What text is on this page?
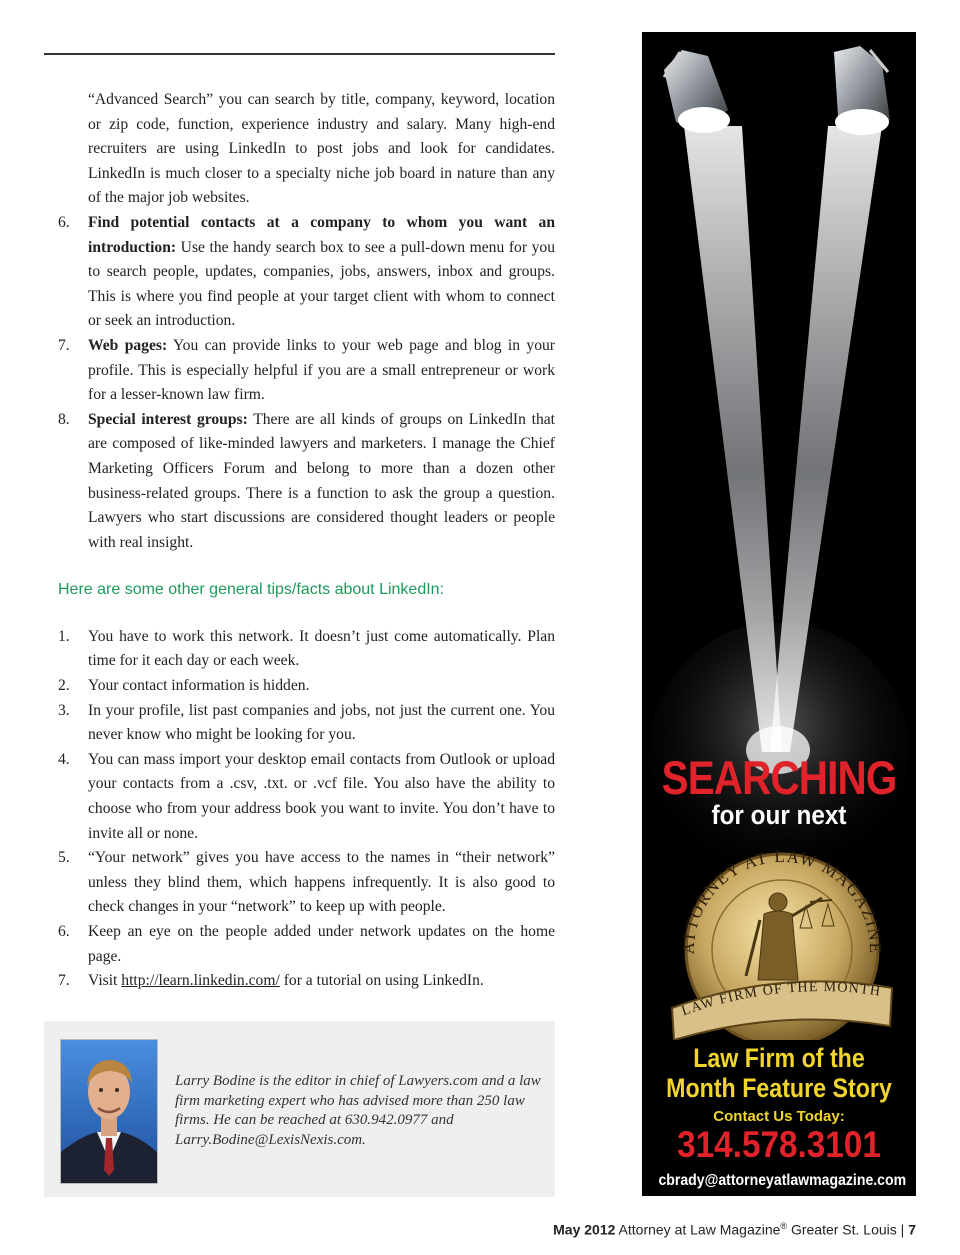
“Advanced Search” you can search by title, company, keyword, location or zip code, function, experience industry and salary. Many high-end recruiters are using LinkedIn to post jobs and look for candidates. LinkedIn is much closer to a specialty niche job board in nature than any of the major job websites.

6. Find potential contacts at a company to whom you want an introduction: Use the handy search box to see a pull-down menu for you to search people, updates, companies, jobs, answers, inbox and groups. This is where you find people at your target client with whom to connect or seek an introduction.

7. Web pages: You can provide links to your web page and blog in your profile. This is especially helpful if you are a small entrepreneur or work for a lesser-known law firm.

8. Special interest groups: There are all kinds of groups on LinkedIn that are composed of like-minded lawyers and marketers. I manage the Chief Marketing Officers Forum and belong to more than a dozen other business-related groups. There is a function to ask the group a question. Lawyers who start discussions are considered thought leaders or people with real insight.

Here are some other general tips/facts about LinkedIn:

1. You have to work this network. It doesn’t just come automatically. Plan time for it each day or each week.

2. Your contact information is hidden.

3. In your profile, list past companies and jobs, not just the current one. You never know who might be looking for you.

4. You can mass import your desktop email contacts from Outlook or upload your contacts from a .csv, .txt. or .vcf file. You also have the ability to choose who from your address book you want to invite. You don’t have to invite all or none.

5. “Your network” gives you have access to the names in “their network” unless they blind them, which happens infrequently. It is also good to check changes in your “network” to keep up with people.

6. Keep an eye on the people added under network updates on the home page.

7. Visit http://learn.linkedin.com/ for a tutorial on using LinkedIn.

Larry Bodine is the editor in chief of Lawyers.com and a law firm marketing expert who has advised more than 250 law firms. He can be reached at 630.942.0977 and Larry.Bodine@LexisNexis.com.
SEARCHING
for our next
ATTORNEY AT LAW MAGAZINE
LAW FIRM OF THE MONTH
Law Firm of the
Month Feature Story
Contact Us Today:
314.578.3101
cbrady@attorneyatlawmagazine.com
May 2012 Attorney at Law Magazine® Greater St. Louis | 7
